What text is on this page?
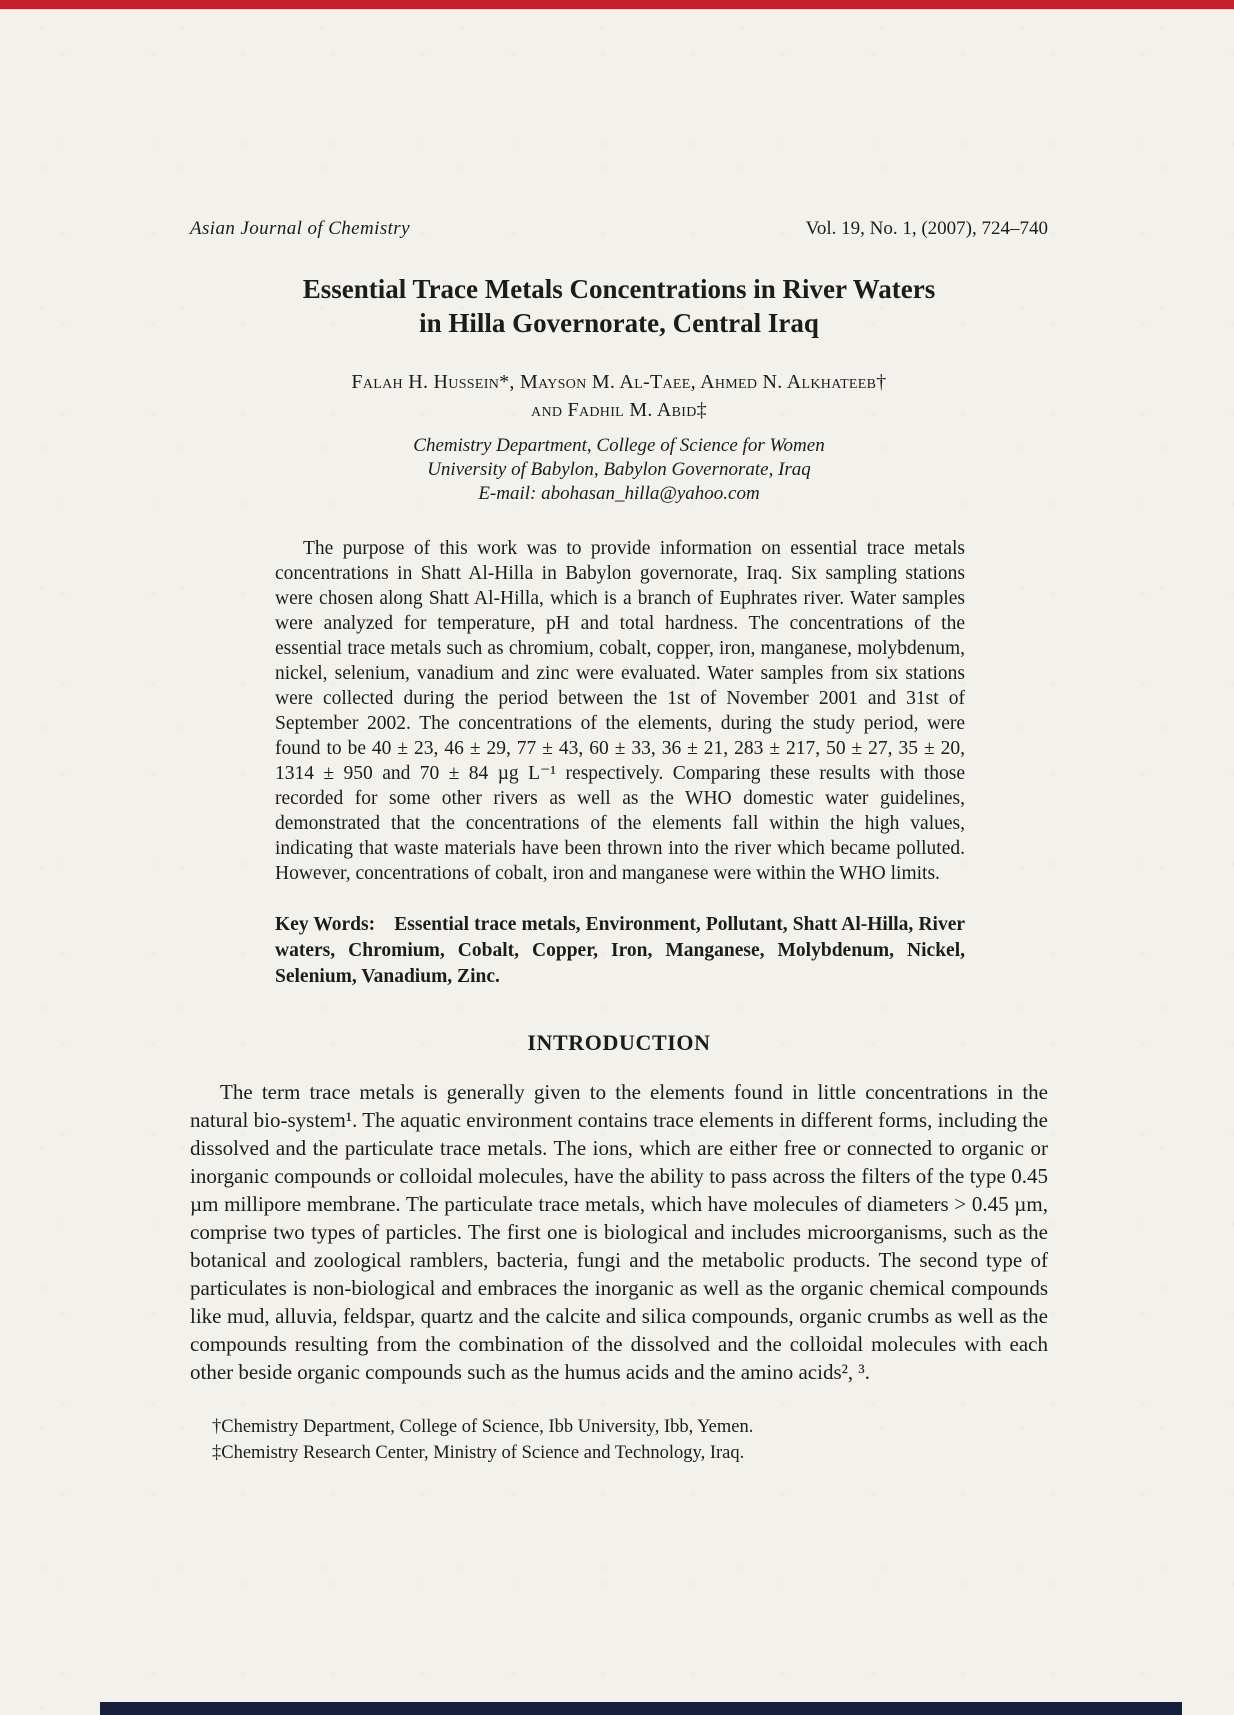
Asian Journal of Chemistry	Vol. 19, No. 1, (2007), 724–740
Essential Trace Metals Concentrations in River Waters
in Hilla Governorate, Central Iraq
Falah H. Hussein*, Mayson M. Al-Taee, Ahmed N. Alkhateeb†
and Fadhil M. Abid‡
Chemistry Department, College of Science for Women
University of Babylon, Babylon Governorate, Iraq
E-mail: abohasan_hilla@yahoo.com

The purpose of this work was to provide information on essential trace metals concentrations in Shatt Al-Hilla in Babylon governorate, Iraq. Six sampling stations were chosen along Shatt Al-Hilla, which is a branch of Euphrates river. Water samples were analyzed for temperature, pH and total hardness. The concentrations of the essential trace metals such as chromium, cobalt, copper, iron, manganese, molybdenum, nickel, selenium, vanadium and zinc were evaluated. Water samples from six stations were collected during the period between the 1st of November 2001 and 31st of September 2002. The concentrations of the elements, during the study period, were found to be 40 ± 23, 46 ± 29, 77 ± 43, 60 ± 33, 36 ± 21, 283 ± 217, 50 ± 27, 35 ± 20, 1314 ± 950 and 70 ± 84 µg L⁻¹ respectively. Comparing these results with those recorded for some other rivers as well as the WHO domestic water guidelines, demonstrated that the concentrations of the elements fall within the high values, indicating that waste materials have been thrown into the river which became polluted. However, concentrations of cobalt, iron and manganese were within the WHO limits.

Key Words: Essential trace metals, Environment, Pollutant, Shatt Al-Hilla, River waters, Chromium, Cobalt, Copper, Iron, Manganese, Molybdenum, Nickel, Selenium, Vanadium, Zinc.

INTRODUCTION

The term trace metals is generally given to the elements found in little concentrations in the natural bio-system¹. The aquatic environment contains trace elements in different forms, including the dissolved and the particulate trace metals. The ions, which are either free or connected to organic or inorganic compounds or colloidal molecules, have the ability to pass across the filters of the type 0.45 µm millipore membrane. The particulate trace metals, which have molecules of diameters > 0.45 µm, comprise two types of particles. The first one is biological and includes microorganisms, such as the botanical and zoological ramblers, bacteria, fungi and the metabolic products. The second type of particulates is non-biological and embraces the inorganic as well as the organic chemical compounds like mud, alluvia, feldspar, quartz and the calcite and silica compounds, organic crumbs as well as the compounds resulting from the combination of the dissolved and the colloidal molecules with each other beside organic compounds such as the humus acids and the amino acids², ³.

†Chemistry Department, College of Science, Ibb University, Ibb, Yemen.
‡Chemistry Research Center, Ministry of Science and Technology, Iraq.
